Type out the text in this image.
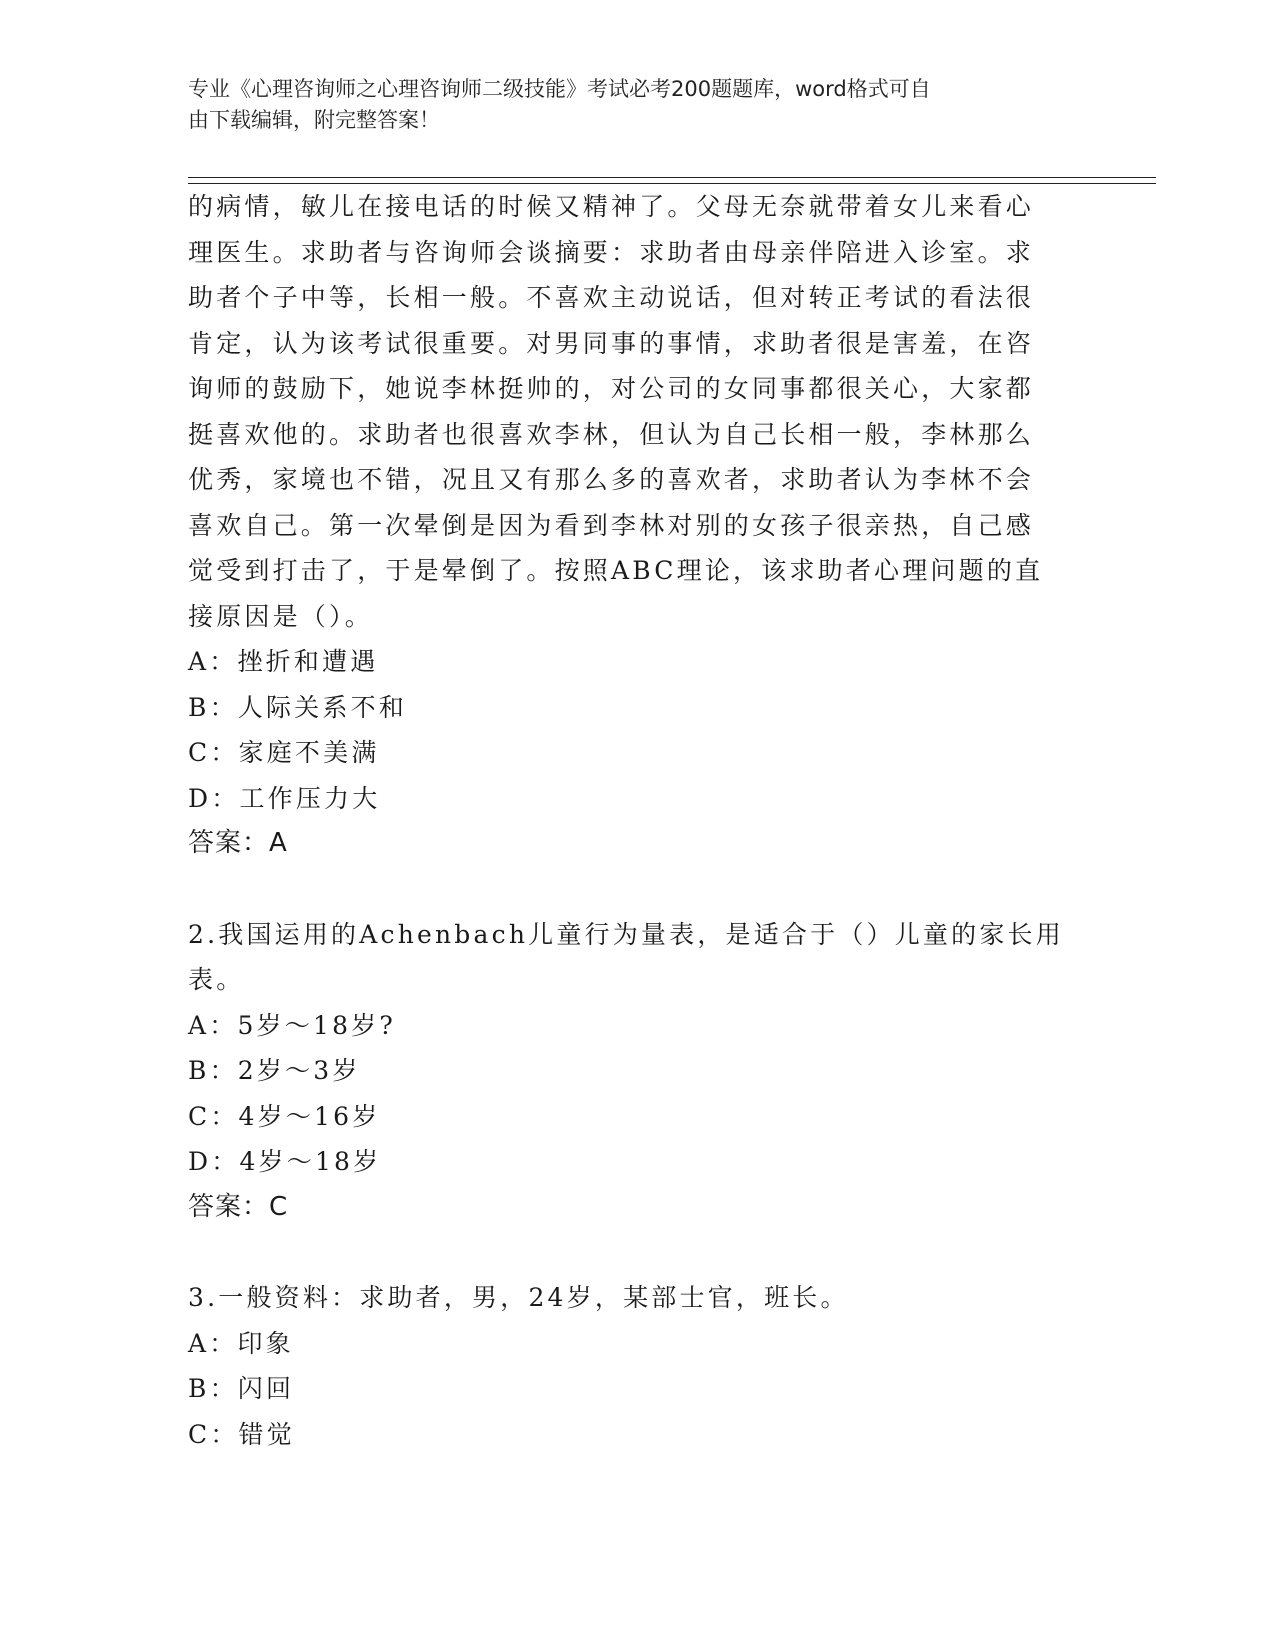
专业《心理咨询师之心理咨询师二级技能》考试必考200题题库，word格式可自
由下载编辑，附完整答案！

的病情，敏儿在接电话的时候又精神了。父母无奈就带着女儿来看心

理医生。求助者与咨询师会谈摘要：求助者由母亲伴陪进入诊室。求

助者个子中等，长相一般。不喜欢主动说话，但对转正考试的看法很

肯定，认为该考试很重要。对男同事的事情，求助者很是害羞，在咨

询师的鼓励下，她说李林挺帅的，对公司的女同事都很关心，大家都

挺喜欢他的。求助者也很喜欢李林，但认为自己长相一般，李林那么

优秀，家境也不错，况且又有那么多的喜欢者，求助者认为李林不会

喜欢自己。第一次晕倒是因为看到李林对别的女孩子很亲热，自己感

觉受到打击了，于是晕倒了。按照ABC理论，该求助者心理问题的直

接原因是（）。

A：挫折和遭遇

B：人际关系不和

C：家庭不美满

D：工作压力大

答案：A

2.我国运用的Achenbach儿童行为量表，是适合于（）儿童的家长用

表。

A：5岁～18岁?

B：2岁～3岁

C：4岁～16岁

D：4岁～18岁

答案：C

3.一般资料：求助者，男，24岁，某部士官，班长。

A：印象

B：闪回

C：错觉
